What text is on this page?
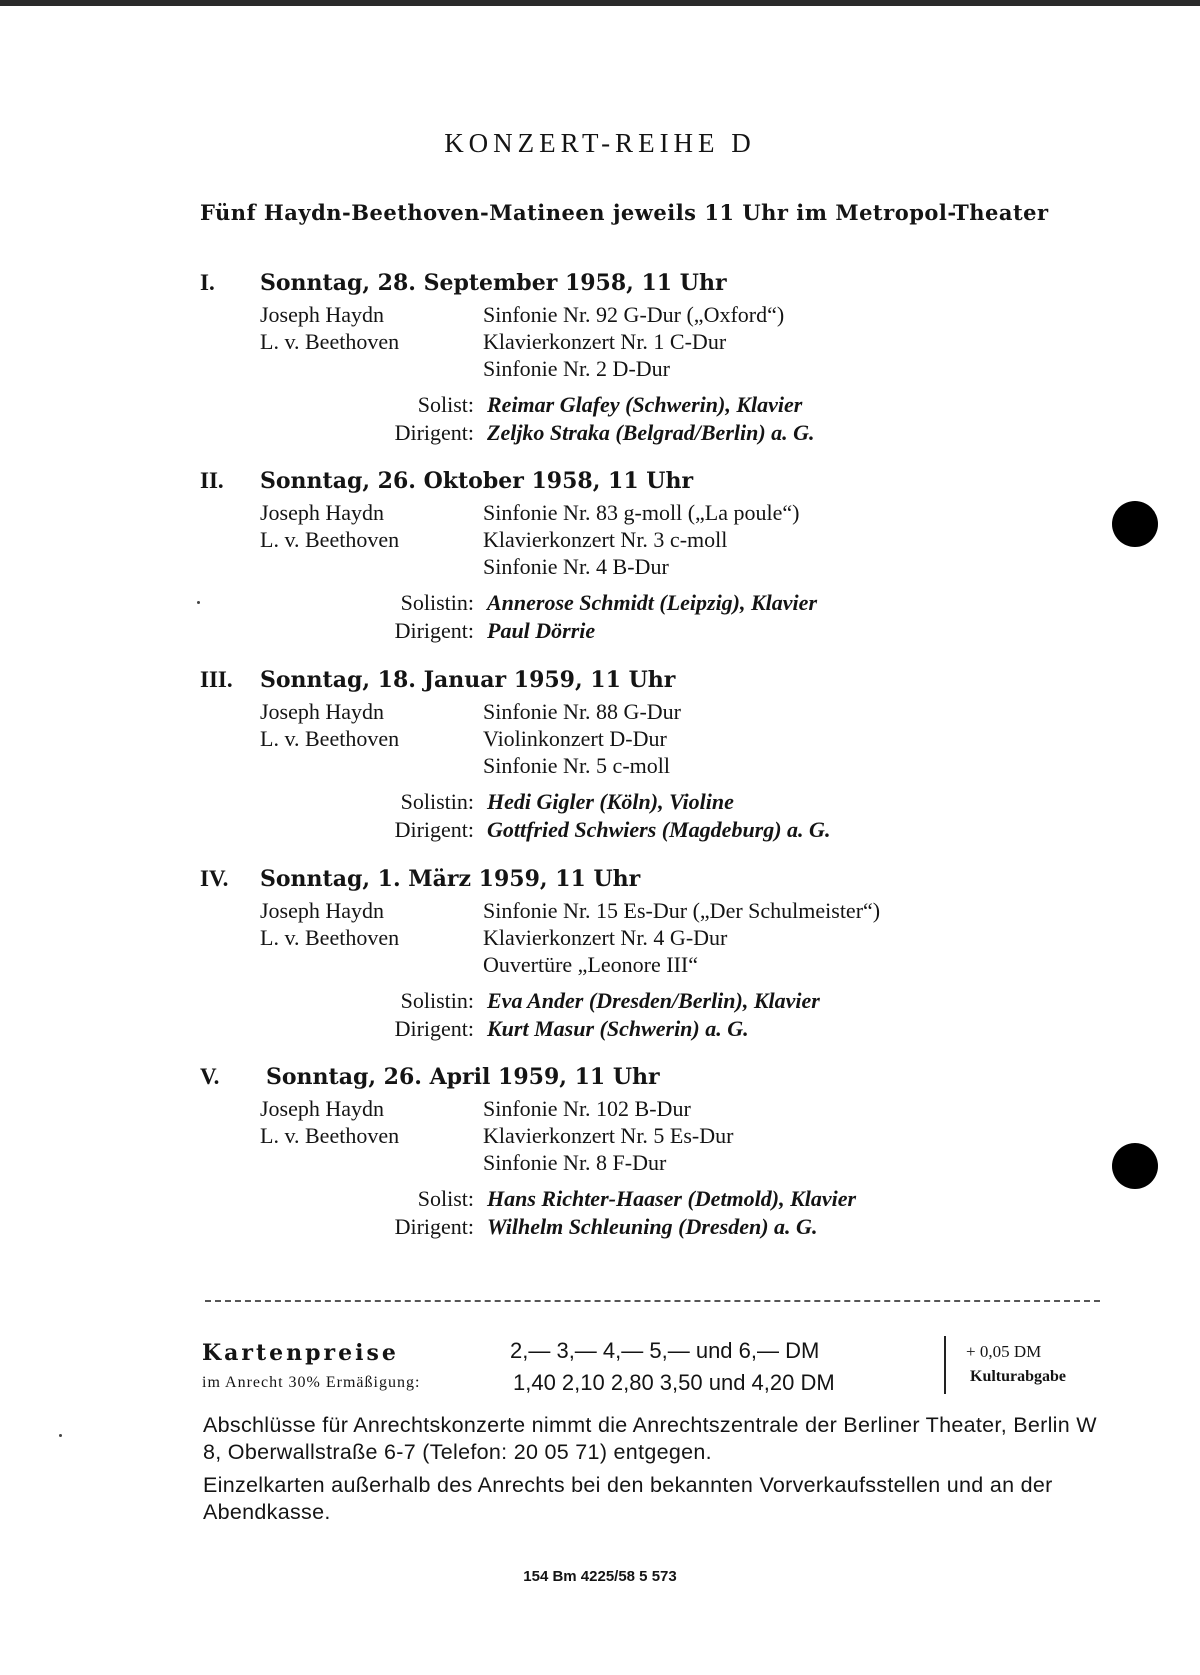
KONZERT-REIHE D
Fünf Haydn-Beethoven-Matineen jeweils 11 Uhr im Metropol-Theater
I. Sonntag, 28. September 1958, 11 Uhr
Joseph Haydn
L. v. Beethoven
Sinfonie Nr. 92 G-Dur („Oxford“)
Klavierkonzert Nr. 1 C-Dur
Sinfonie Nr. 2 D-Dur
Solist: Reimar Glafey (Schwerin), Klavier
Dirigent: Zeljko Straka (Belgrad/Berlin) a. G.
II. Sonntag, 26. Oktober 1958, 11 Uhr
Joseph Haydn
L. v. Beethoven
Sinfonie Nr. 83 g-moll („La poule“)
Klavierkonzert Nr. 3 c-moll
Sinfonie Nr. 4 B-Dur
Solistin: Annerose Schmidt (Leipzig), Klavier
Dirigent: Paul Dörrie
III. Sonntag, 18. Januar 1959, 11 Uhr
Joseph Haydn
L. v. Beethoven
Sinfonie Nr. 88 G-Dur
Violinkonzert D-Dur
Sinfonie Nr. 5 c-moll
Solistin: Hedi Gigler (Köln), Violine
Dirigent: Gottfried Schwiers (Magdeburg) a. G.
IV. Sonntag, 1. März 1959, 11 Uhr
Joseph Haydn
L. v. Beethoven
Sinfonie Nr. 15 Es-Dur („Der Schulmeister“)
Klavierkonzert Nr. 4 G-Dur
Ouvertüre „Leonore III“
Solistin: Eva Ander (Dresden/Berlin), Klavier
Dirigent: Kurt Masur (Schwerin) a. G.
V. Sonntag, 26. April 1959, 11 Uhr
Joseph Haydn
L. v. Beethoven
Sinfonie Nr. 102 B-Dur
Klavierkonzert Nr. 5 Es-Dur
Sinfonie Nr. 8 F-Dur
Solist: Hans Richter-Haaser (Detmold), Klavier
Dirigent: Wilhelm Schleuning (Dresden) a. G.
Kartenpreise
im Anrecht 30% Ermäßigung:
2,— 3,— 4,— 5,— und 6,— DM
1,40 2,10 2,80 3,50 und 4,20 DM
+ 0,05 DM
Kulturabgabe
Abschlüsse für Anrechtskonzerte nimmt die Anrechtszentrale der Berliner Theater, Berlin W 8, Oberwallstraße 6-7 (Telefon: 20 05 71) entgegen.
Einzelkarten außerhalb des Anrechts bei den bekannten Vorverkaufsstellen und an der Abendkasse.
154 Bm 4225/58 5 573
